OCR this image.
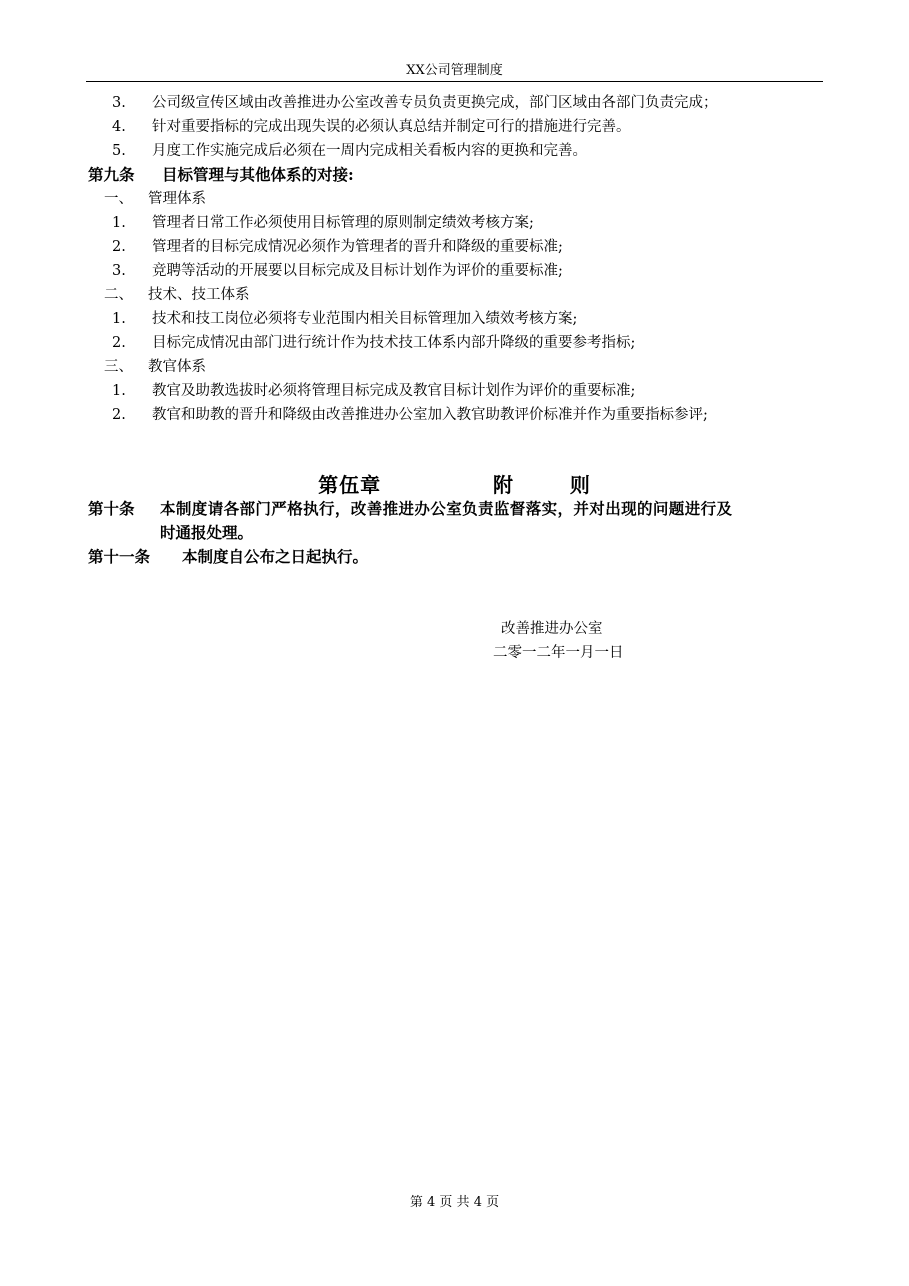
XX公司管理制度
3. 公司级宣传区域由改善推进办公室改善专员负责更换完成，部门区域由各部门负责完成；
4. 针对重要指标的完成出现失误的必须认真总结并制定可行的措施进行完善。
5. 月度工作实施完成后必须在一周内完成相关看板内容的更换和完善。
第九条 目标管理与其他体系的对接:
一、 管理体系
1. 管理者日常工作必须使用目标管理的原则制定绩效考核方案;
2. 管理者的目标完成情况必须作为管理者的晋升和降级的重要标准;
3. 竞聘等活动的开展要以目标完成及目标计划作为评价的重要标准;
二、 技术、技工体系
1. 技术和技工岗位必须将专业范围内相关目标管理加入绩效考核方案;
2. 目标完成情况由部门进行统计作为技术技工体系内部升降级的重要参考指标;
三、 教官体系
1. 教官及助教选拔时必须将管理目标完成及教官目标计划作为评价的重要标准;
2. 教官和助教的晋升和降级由改善推进办公室加入教官助教评价标准并作为重要指标参评;
第伍章    附  则
第十条 本制度请各部门严格执行，改善推进办公室负责监督落实，并对出现的问题进行及
时通报处理。
第十一条 本制度自公布之日起执行。
改善推进办公室
二零一二年一月一日
第 4 页 共 4 页
